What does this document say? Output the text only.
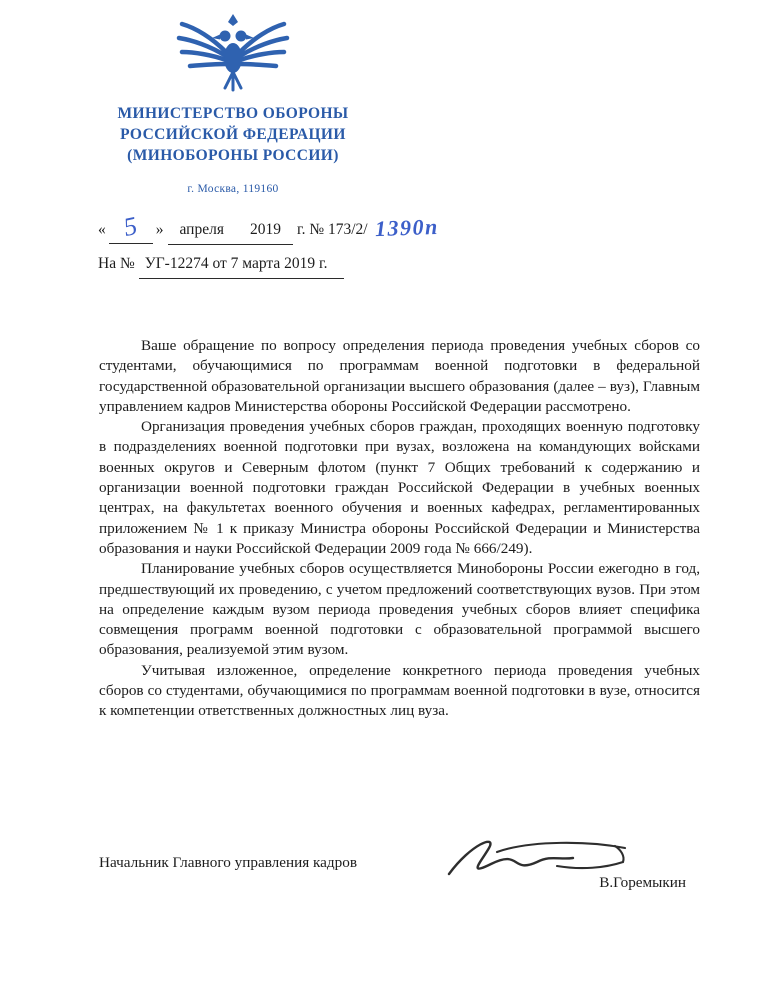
МИНИСТЕРСТВО ОБОРОНЫ
РОССИЙСКОЙ ФЕДЕРАЦИИ
(МИНОБОРОНЫ РОССИИ)
г. Москва, 119160
« 5 » апреля 2019 г. № 173/2/ 1390п
На № УГ-12274 от 7 марта 2019 г.

Ваше обращение по вопросу определения периода проведения учебных сборов со студентами, обучающимися по программам военной подготовки в федеральной государственной образовательной организации высшего образования (далее – вуз), Главным управлением кадров Министерства обороны Российской Федерации рассмотрено.

Организация проведения учебных сборов граждан, проходящих военную подготовку в подразделениях военной подготовки при вузах, возложена на командующих войсками военных округов и Северным флотом (пункт 7 Общих требований к содержанию и организации военной подготовки граждан Российской Федерации в учебных военных центрах, на факультетах военного обучения и военных кафедрах, регламентированных приложением № 1 к приказу Министра обороны Российской Федерации и Министерства образования и науки Российской Федерации 2009 года № 666/249).

Планирование учебных сборов осуществляется Минобороны России ежегодно в год, предшествующий их проведению, с учетом предложений соответствующих вузов. При этом на определение каждым вузом периода проведения учебных сборов влияет специфика совмещения программ военной подготовки с образовательной программой высшего образования, реализуемой этим вузом.

Учитывая изложенное, определение конкретного периода проведения учебных сборов со студентами, обучающимися по программам военной подготовки в вузе, относится к компетенции ответственных должностных лиц вуза.

Начальник Главного управления кадров
В.Горемыкин
